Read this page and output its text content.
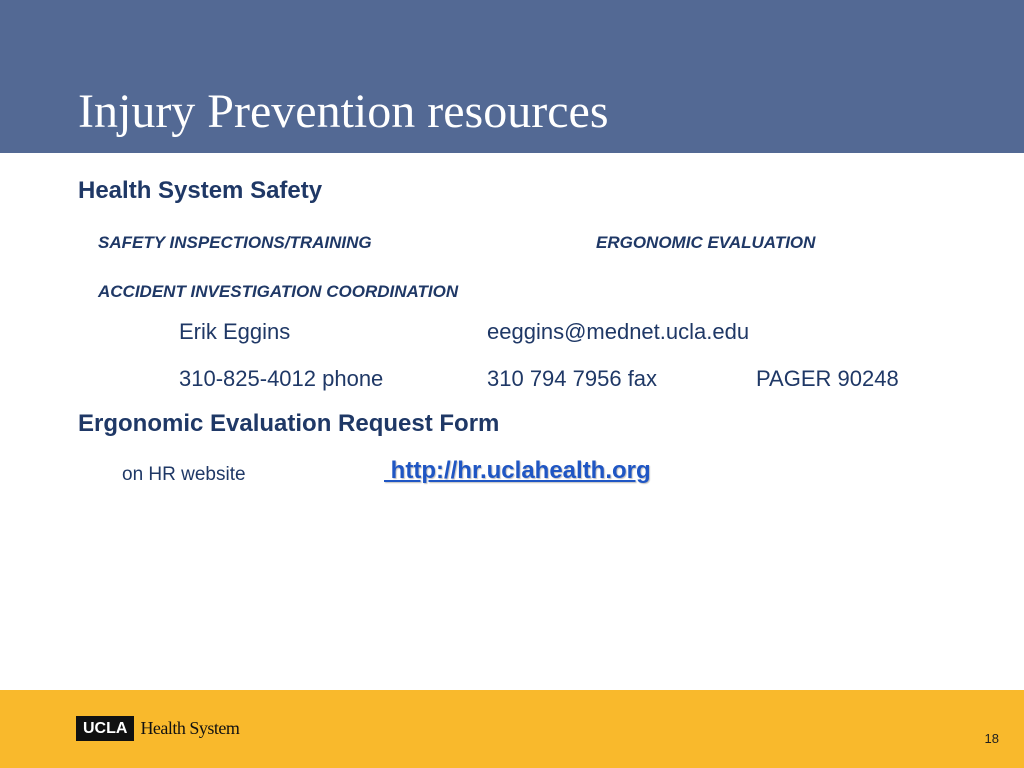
Injury Prevention resources
Health System Safety
SAFETY INSPECTIONS/TRAINING	ERGONOMIC EVALUATION
ACCIDENT INVESTIGATION COORDINATION
Erik Eggins	eeggins@mednet.ucla.edu
310-825-4012 phone	310 794 7956 fax	PAGER 90248
Ergonomic Evaluation Request Form
on HR website	http://hr.uclahealth.org
UCLA Health System
18
